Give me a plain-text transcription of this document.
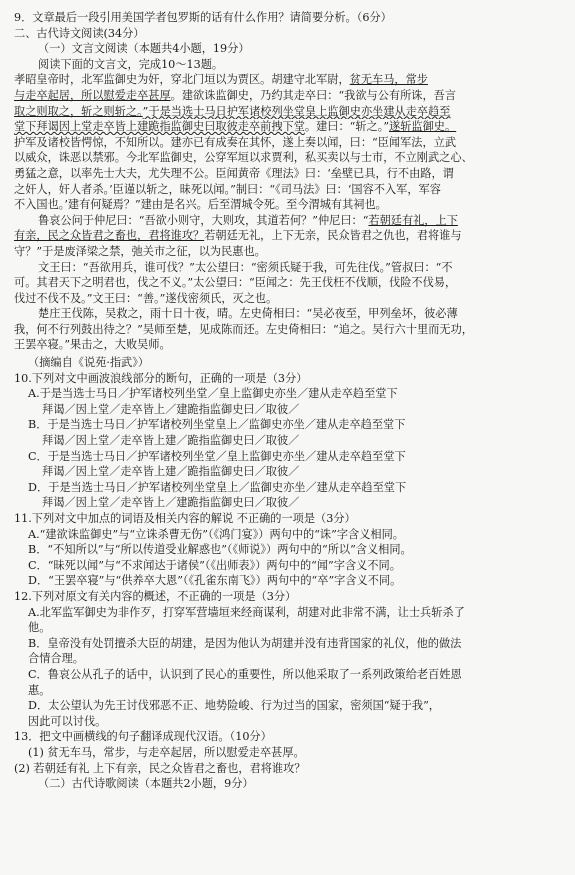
9．文章最后一段引用美国学者包罗斯的话有什么作用？请简要分析。（6分）
二、古代诗文阅读(34分）
（一）文言文阅读（本题共4小题，19分）
阅读下面的文言文，完成10～13题。
孝昭皇帝时，北军监御史为奸，穿北门垣以为贾区。胡建守北军尉，贫无车马，常步
与走卒起居，所以慰爱走卒甚厚。建欲诛监御史，乃约其走卒曰：“我欲与公有所诛，吾言
取之则取之，斩之则斩之。”于是当选士马日护军诸校列坐堂皇上监御史亦坐建从走卒趋至
堂下拜谒因上堂走卒皆上建跪指监御史曰取彼走卒前拽下堂。建曰：“斩之。”遂斩监御史。
护军及诸校皆愕惊，不知所以。建亦已有成奏在其怀，遂上奏以闻，曰：“臣闻军法，立武
以威众，诛恶以禁邪。今北军监御史，公穿军垣以求贾利，私买卖以与士市，不立刚武之心、
勇猛之意，以率先士大夫，尤失理不公。臣闻黄帝《理法》曰：‘垒壁已具，行不由路，谓
之奸人，奸人者杀。’臣谨以斩之，昧死以闻。”制曰：“《司马法》曰：‘国容不入军，军容
不入国也。’建有何疑焉？”建由是名兴。后至渭城令死。至今渭城有其祠也。
鲁哀公问于仲尼曰：“吾欲小则守，大则攻，其道若何？”仲尼曰：“若朝廷有礼，上下
有亲，民之众皆君之畜也，君将谁攻？若朝廷无礼，上下无亲，民众皆君之仇也，君将谁与
守？”于是废泽梁之禁，弛关市之征，以为民惠也。
文王曰：“吾欲用兵，谁可伐？”太公望曰：“密须氏疑于我，可先往伐。”管叔曰：“不
可。其君天下之明君也，伐之不义。”太公望曰：“臣闻之：先王伐枉不伐顺，伐险不伐易，
伐过不伐不及。”文王曰：“善。”遂伐密须氏，灭之也。
楚庄王伐陈，吴救之，雨十日十夜，晴。左史倚相曰：“吴必夜至，甲列垒坏，彼必薄
我，何不行列鼓出待之？”吴师至楚，见成陈而还。左史倚相曰：“追之。吴行六十里而无功，
王罢卒寝。”果击之，大败吴师。
（摘编自《说苑·指武》）
10.下列对文中画波浪线部分的断句，正确的一项是（3分）
A.于是当选士马日／护军诸校列坐堂／皇上监御史亦坐／建从走卒趋至堂下
拜谒／因上堂／走卒皆上／建跪指监御史曰／取彼／
B．于是当选士马日／护军诸校列坐堂皇上／监御史亦坐／建从走卒趋至堂下
拜谒／因上堂／走卒皆上建／跪指监御史曰／取彼／
C．于是当选士马日／护军诸校列坐堂／皇上监御史亦坐／建从走卒趋至堂下
拜谒／因上堂／走卒皆上建／跪指监御史曰／取彼／
D．于是当选士马日／护军诸校列坐堂皇上／监御史亦坐／建从走卒趋至堂下
拜谒／因上堂／走卒皆上／建跪指监御史曰／取彼／
11.下列对文中加点的词语及相关内容的解说 不正确的一项是（3分）
A.“建欲诛监御史”与“立诛杀曹无伤”（《鸿门宴》）两句中的“诛”字含义相同。
B．“不知所以”与“所以传道受业解惑也”（《师说》）两句中的“所以”含义相同。
C．“昧死以闻”与“不求闻达于诸侯”（《出师表》）两句中的“闻”字含义不同。
D．“王罢卒寝”与“供养卒大恩”（《孔雀东南飞》）两句中的“卒”字含义不同。
12.下列对原文有关内容的概述，不正确的一项是（3分）
A.北军监军御史为非作歹，打穿军营墙垣来经商谋利，胡建对此非常不满，让士兵斩杀了
他。
B．皇帝没有处罚擅杀大臣的胡建，是因为他认为胡建并没有违背国家的礼仪，他的做法
合情合理。
C．鲁哀公从孔子的话中，认识到了民心的重要性，所以他采取了一系列政策给老百姓恩
惠。
D．太公望认为先王讨伐邪恶不正、地势险峻、行为过当的国家，密须国“疑于我”，
因此可以讨伐。
13．把文中画横线的句子翻译成现代汉语。（10分）
(1) 贫无车马，常步，与走卒起居，所以慰爱走卒甚厚。
(2) 若朝廷有礼 上下有亲，民之众皆君之畜也，君将谁攻？
（二）古代诗歌阅读（本题共2小题，9分）
